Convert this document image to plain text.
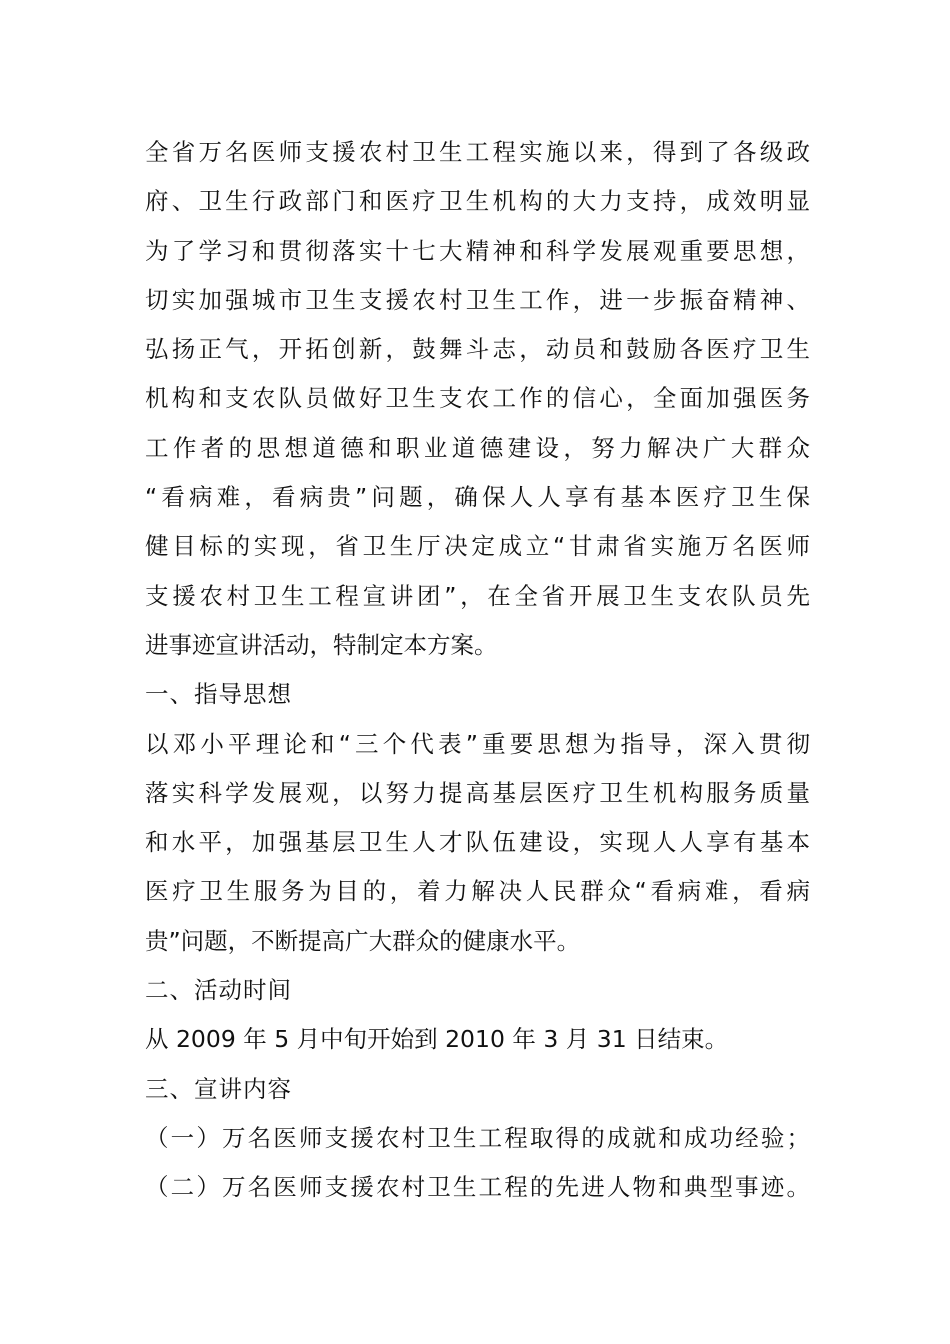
全省万名医师支援农村卫生工程实施以来，得到了各级政
府、卫生行政部门和医疗卫生机构的大力支持，成效明显
为了学习和贯彻落实十七大精神和科学发展观重要思想，
切实加强城市卫生支援农村卫生工作，进一步振奋精神、
弘扬正气，开拓创新，鼓舞斗志，动员和鼓励各医疗卫生
机构和支农队员做好卫生支农工作的信心，全面加强医务
工作者的思想道德和职业道德建设，努力解决广大群众
“看病难，看病贵”问题，确保人人享有基本医疗卫生保
健目标的实现，省卫生厅决定成立“甘肃省实施万名医师
支援农村卫生工程宣讲团”，在全省开展卫生支农队员先
进事迹宣讲活动，特制定本方案。
一、指导思想
以邓小平理论和“三个代表”重要思想为指导，深入贯彻
落实科学发展观，以努力提高基层医疗卫生机构服务质量
和水平，加强基层卫生人才队伍建设，实现人人享有基本
医疗卫生服务为目的，着力解决人民群众“看病难，看病
贵”问题，不断提高广大群众的健康水平。
二、活动时间
从 2009 年 5 月中旬开始到 2010 年 3 月 31 日结束。
三、宣讲内容
（一）万名医师支援农村卫生工程取得的成就和成功经验；
（二）万名医师支援农村卫生工程的先进人物和典型事迹。
